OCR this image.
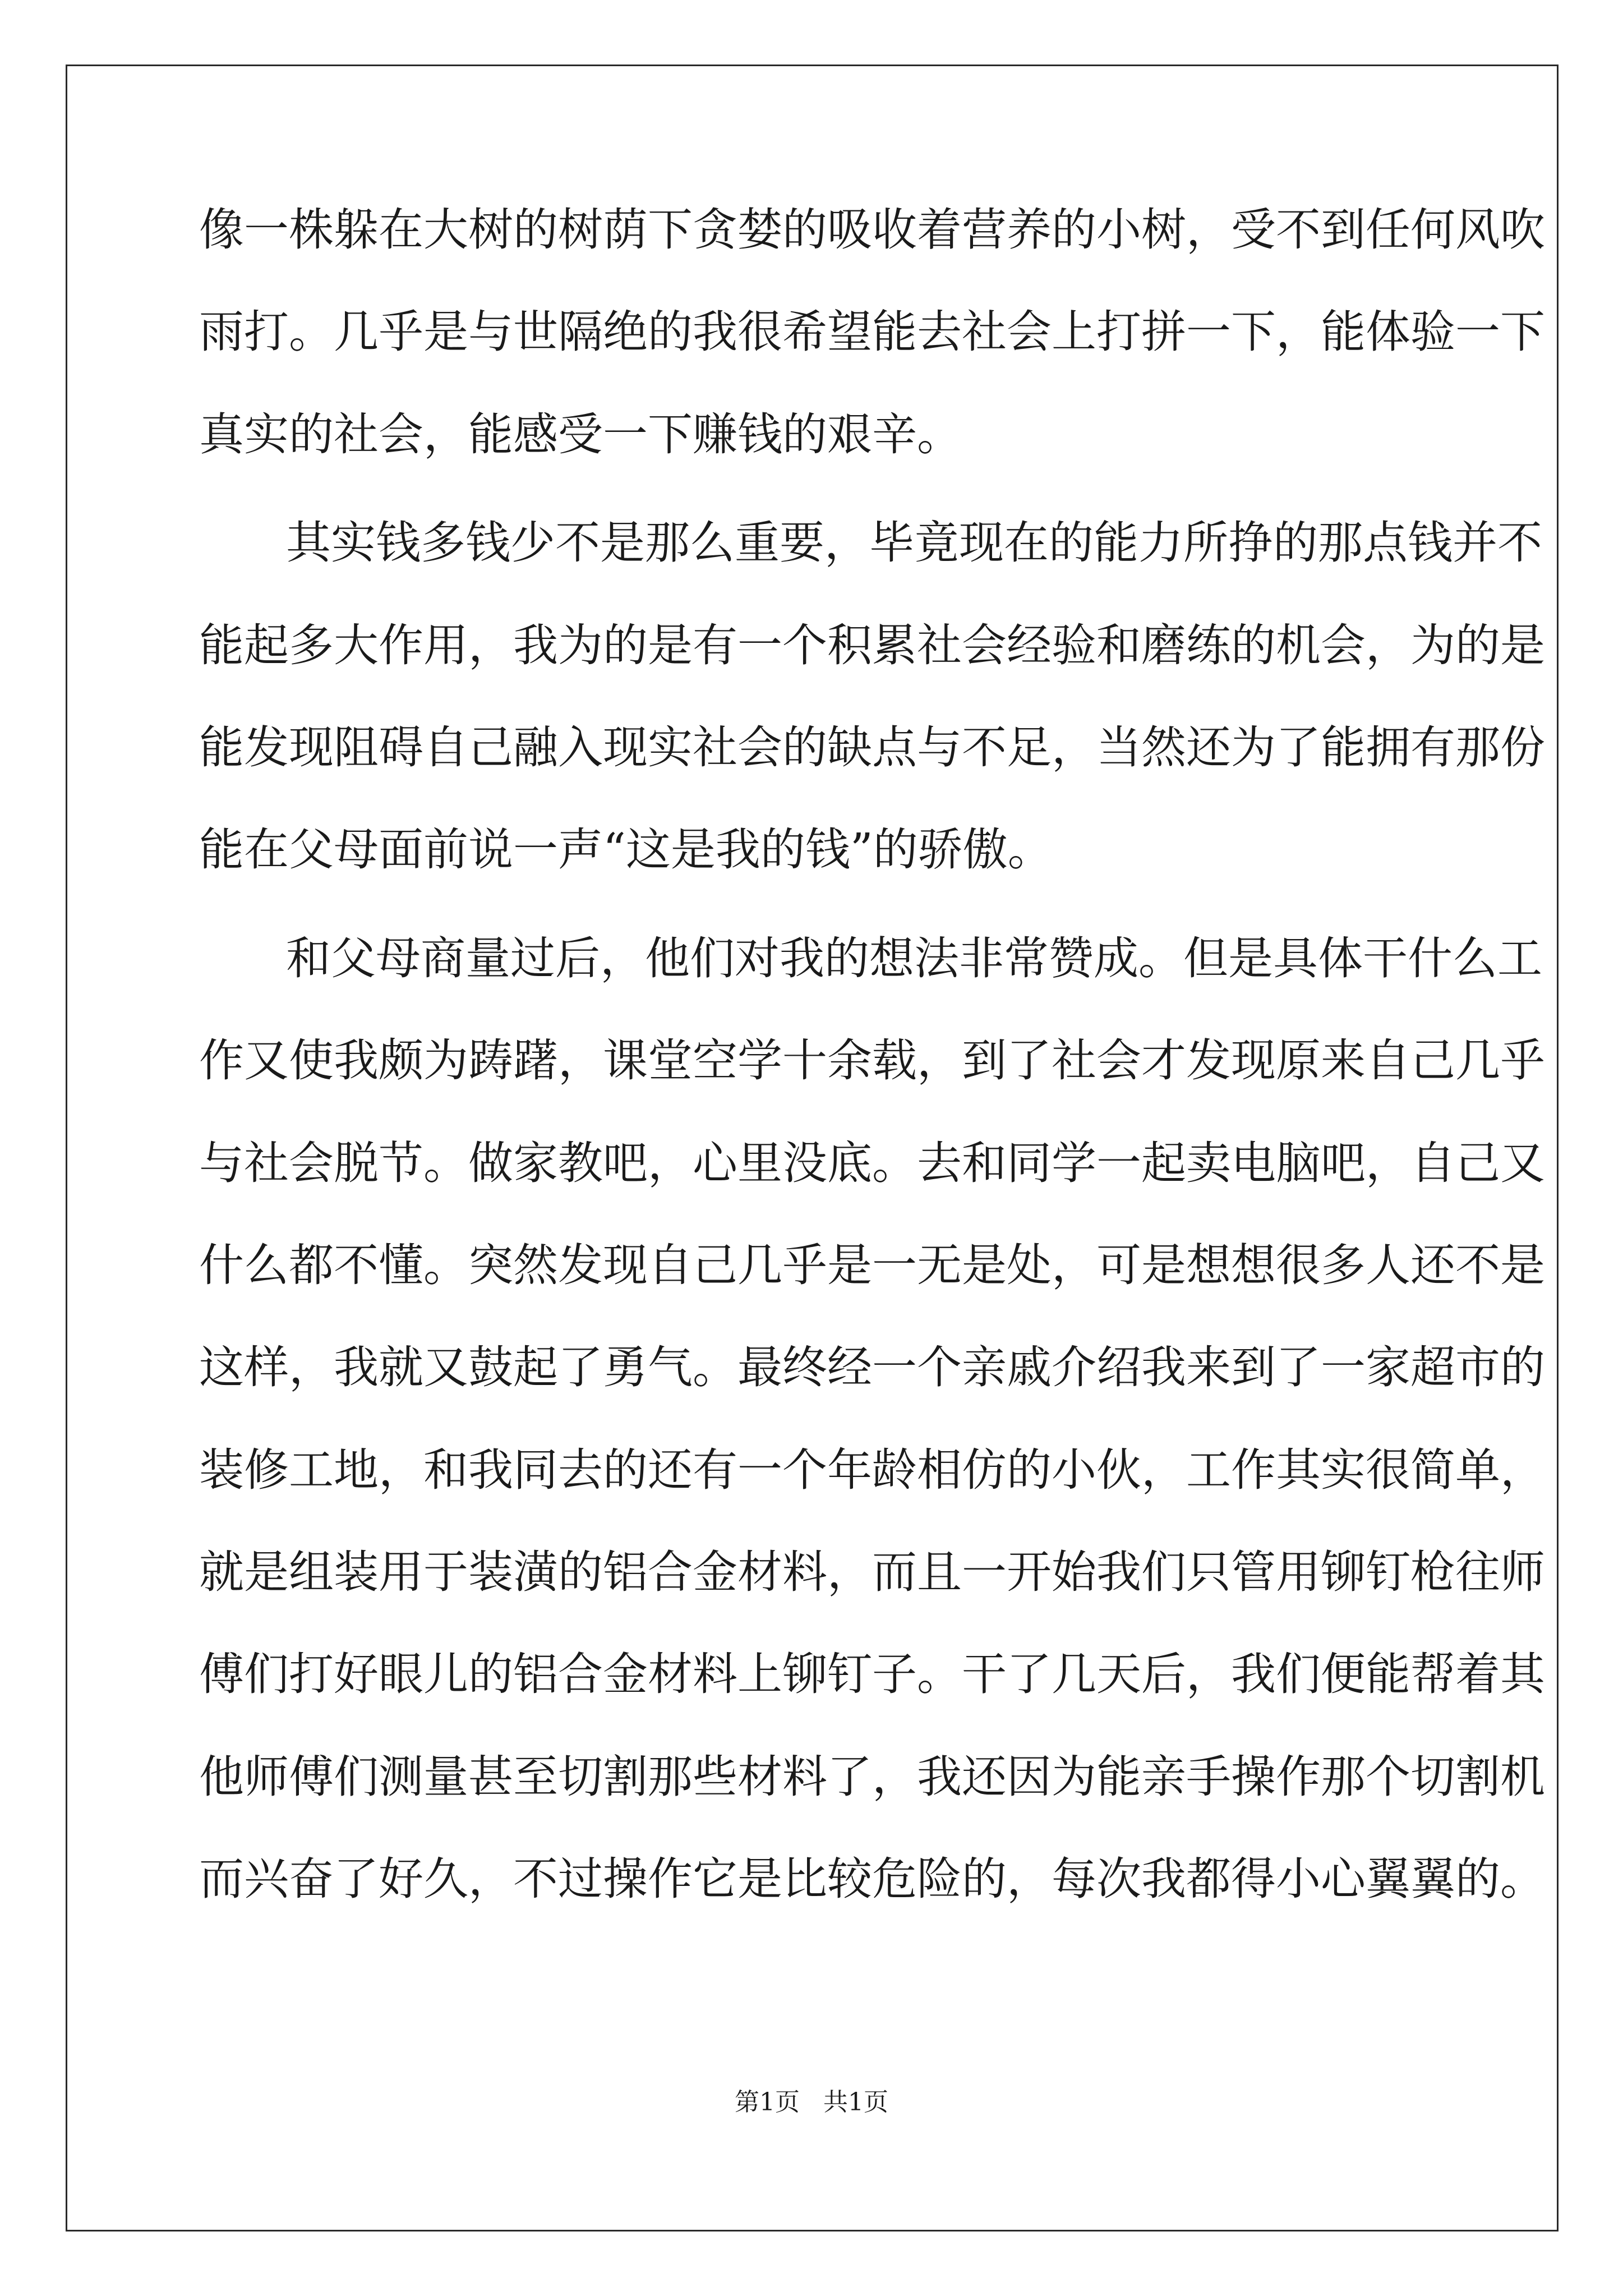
像一株躲在大树的树荫下贪婪的吸收着营养的小树，受不到任何风吹
雨打。几乎是与世隔绝的我很希望能去社会上打拼一下，能体验一下
真实的社会，能感受一下赚钱的艰辛。
其实钱多钱少不是那么重要，毕竟现在的能力所挣的那点钱并不
能起多大作用，我为的是有一个积累社会经验和磨练的机会，为的是
能发现阻碍自己融入现实社会的缺点与不足，当然还为了能拥有那份
能在父母面前说一声“这是我的钱”的骄傲。
和父母商量过后，他们对我的想法非常赞成。但是具体干什么工
作又使我颇为踌躇，课堂空学十余载，到了社会才发现原来自己几乎
与社会脱节。做家教吧，心里没底。去和同学一起卖电脑吧，自己又
什么都不懂。突然发现自己几乎是一无是处，可是想想很多人还不是
这样，我就又鼓起了勇气。最终经一个亲戚介绍我来到了一家超市的
装修工地，和我同去的还有一个年龄相仿的小伙，工作其实很简单，
就是组装用于装潢的铝合金材料，而且一开始我们只管用铆钉枪往师
傅们打好眼儿的铝合金材料上铆钉子。干了几天后，我们便能帮着其
他师傅们测量甚至切割那些材料了，我还因为能亲手操作那个切割机
而兴奋了好久，不过操作它是比较危险的，每次我都得小心翼翼的。
第1页   共1页
